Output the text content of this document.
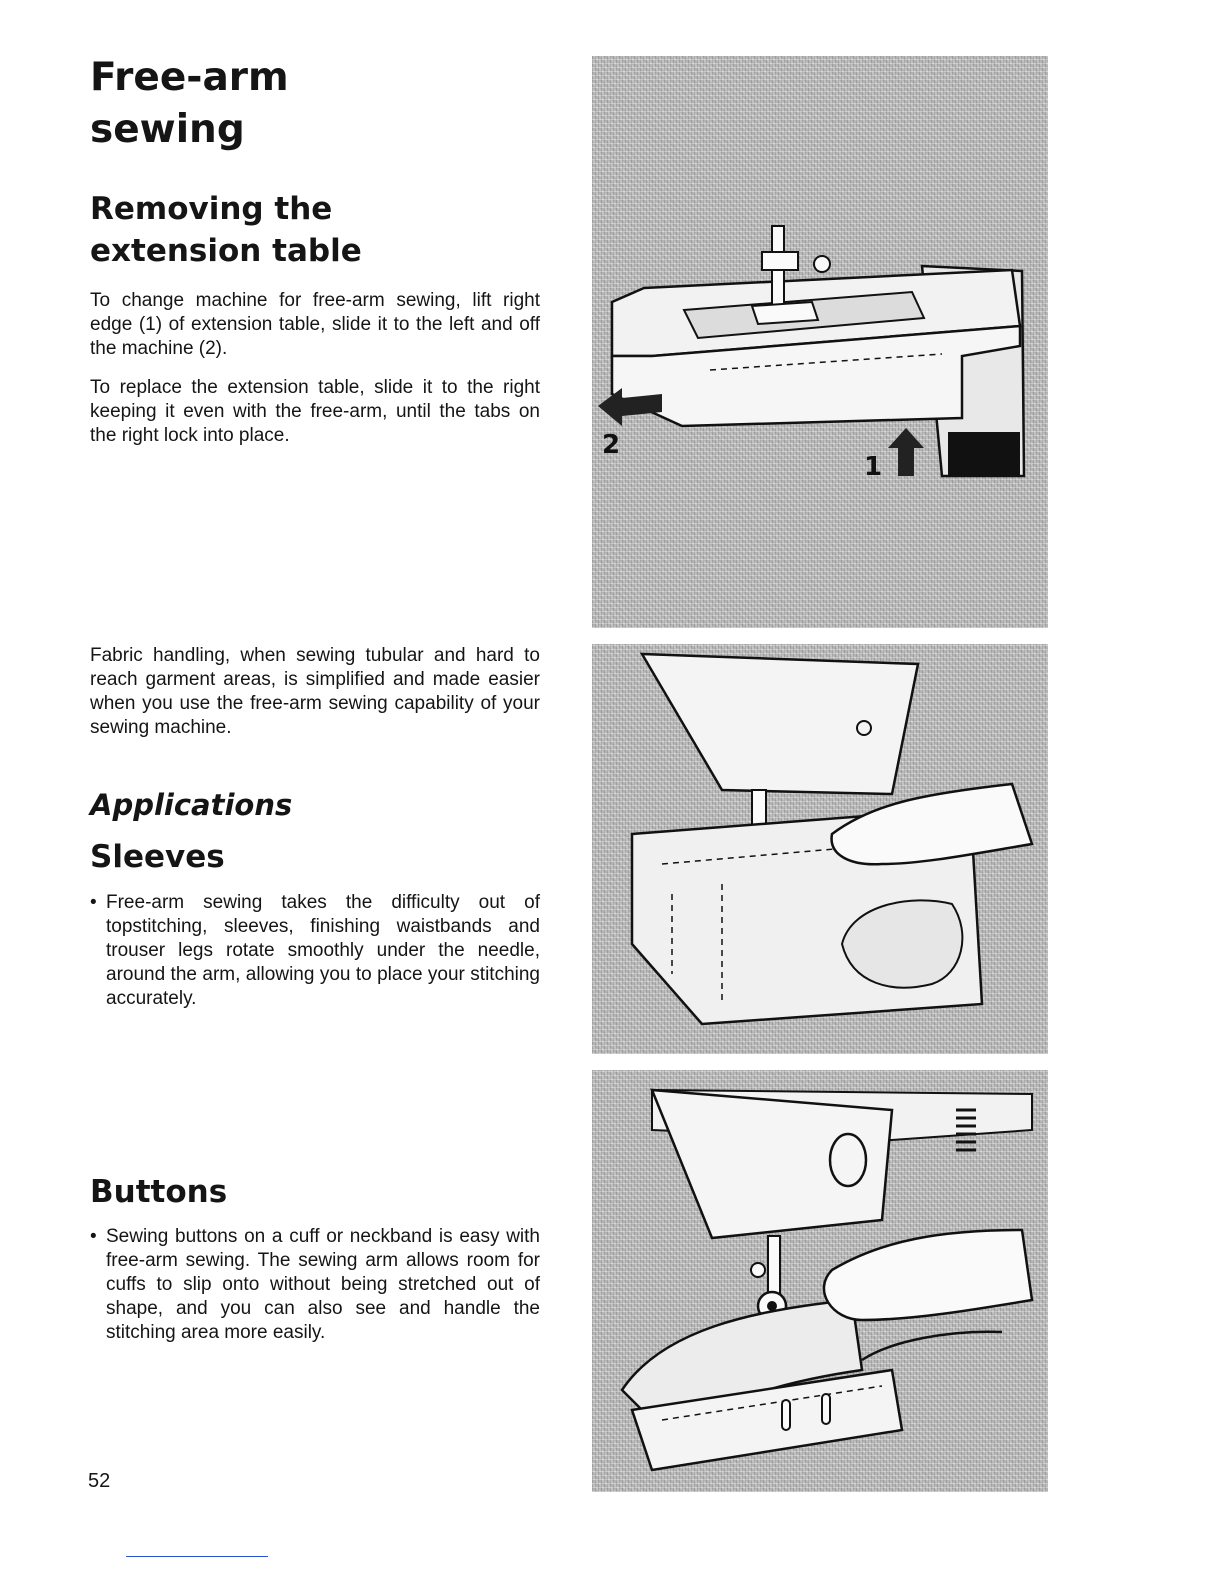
Free-arm
sewing
Removing the
extension table

To change machine for free-arm sewing, lift right edge (1) of extension table, slide it to the left and off the machine (2).

To replace the extension table, slide it to the right keeping it even with the free-arm, until the tabs on the right lock into place.

Fabric handling, when sewing tubular and hard to reach garment areas, is simplified and made easier when you use the free-arm sewing capability of your sewing machine.

Applications
Sleeves

• Free-arm sewing takes the difficulty out of topstitching, sleeves, finishing waistbands and trouser legs rotate smoothly under the needle, around the arm, allowing you to place your stitching accurately.

Buttons

• Sewing buttons on a cuff or neckband is easy with free-arm sewing. The sewing arm allows room for cuffs to slip onto without being stretched out of shape, and you can also see and handle the stitching area more easily.

52
2
1
